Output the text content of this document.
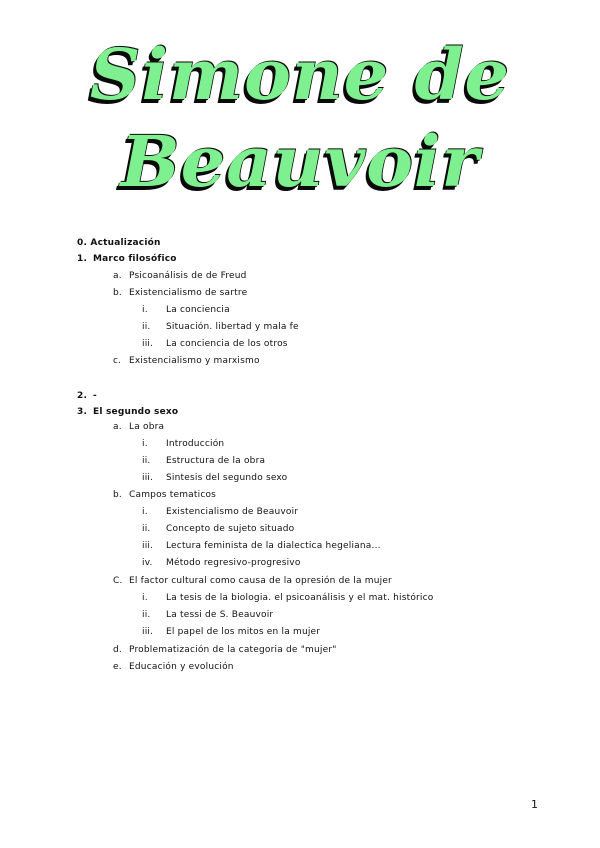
Simone de
Beauvoir
0. Actualización
1. Marco filosófico
a. Psicoanálisis de de Freud
b. Existencialismo de sartre
i. La conciencia
ii. Situación. libertad y mala fe
iii. La conciencia de los otros
c. Existencialismo y marxismo
2. -
3. El segundo sexo
a. La obra
i. Introducción
ii. Estructura de la obra
iii. Sintesis del segundo sexo
b. Campos tematicos
i. Existencialismo de Beauvoir
ii. Concepto de sujeto situado
iii. Lectura feminista de la dialectica hegeliana...
iv. Método regresivo-progresivo
C. El factor cultural como causa de la opresión de la mujer
i. La tesis de la biologia. el psicoanálisis y el mat. histórico
ii. La tessi de S. Beauvoir
iii. El papel de los mitos en la mujer
d. Problematización de la categoria de "mujer"
e. Educación y evolución
1
